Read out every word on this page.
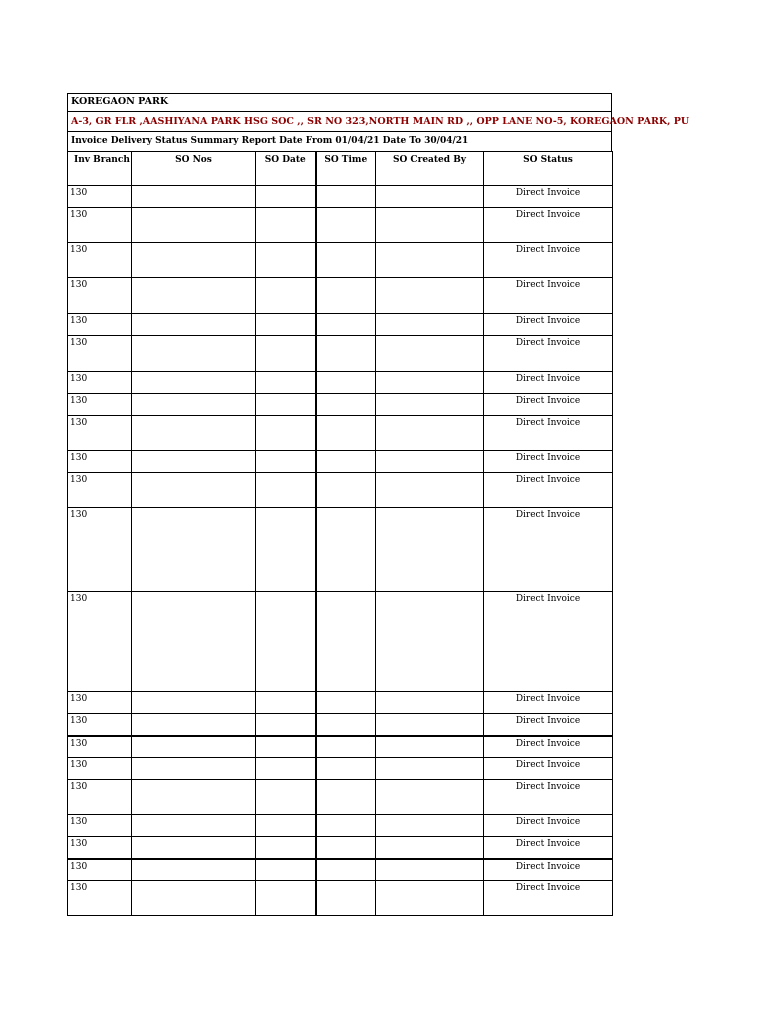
KOREGAON PARK
A-3, GR FLR ,AASHIYANA PARK HSG SOC ,, SR NO 323,NORTH MAIN RD ,, OPP LANE NO-5, KOREGAON PARK, PU
Invoice Delivery Status Summary Report Date From 01/04/21 Date To 30/04/21
Inv Branch	SO Nos	SO Date	SO Time	SO Created By	SO Status
130					Direct Invoice
130					Direct Invoice
130					Direct Invoice
130					Direct Invoice
130					Direct Invoice
130					Direct Invoice
130					Direct Invoice
130					Direct Invoice
130					Direct Invoice
130					Direct Invoice
130					Direct Invoice
130					Direct Invoice
130					Direct Invoice
130					Direct Invoice
130					Direct Invoice
130					Direct Invoice
130					Direct Invoice
130					Direct Invoice
130					Direct Invoice
130					Direct Invoice
130					Direct Invoice
130					Direct Invoice
